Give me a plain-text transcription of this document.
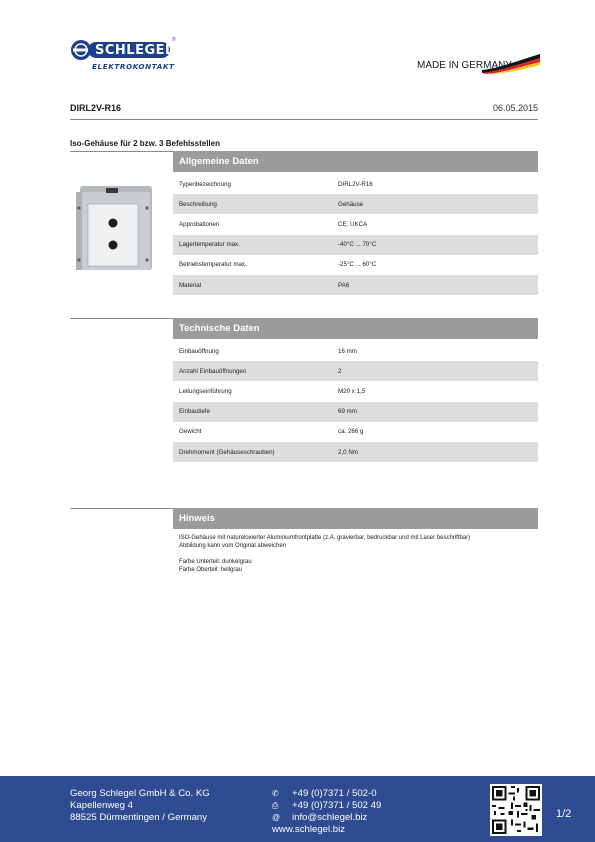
SCHLEGEL
®
ELEKTROKONTAKT	MADE IN GERMANY
DIRL2V-R16	06.05.2015
Iso-Gehäuse für 2 bzw. 3 Befehlsstellen
Allgemeine Daten
Typenbezeichnung	DIRL2V-R16
Beschreibung	Gehäuse
Approbationen	CE, UKCA
Lagertemperatur max.	-40°C ... 70°C
Betriebstemperatur max.	-25°C ... 60°C
Material	PA6
Technische Daten
Einbauöffnung	16 mm
Anzahl Einbauöffnungen	2
Leitungseinführung	M20 x 1,5
Einbautiefe	69 mm
Gewicht	ca. 266 g
Drehmoment (Gehäuseschrauben)	2,0 Nm
Hinweis

ISO-Gehäuse mit natureloxierter Aluminiumfrontplatte (z.A. gravierbar, bedruckbar und mit Laser beschriftbar)

Abbildung kann vom Original abweichen

Farbe Unterteil: dunkelgrau

Farbe Oberteil: hellgrau

Georg Schlegel GmbH & Co. KG
Kapellenweg 4
88525 Dürmentingen / Germany
✆	+49 (0)7371 / 502-0
⎙	+49 (0)7371 / 502 49
@	info@schlegel.biz
www.schlegel.biz
1/2
